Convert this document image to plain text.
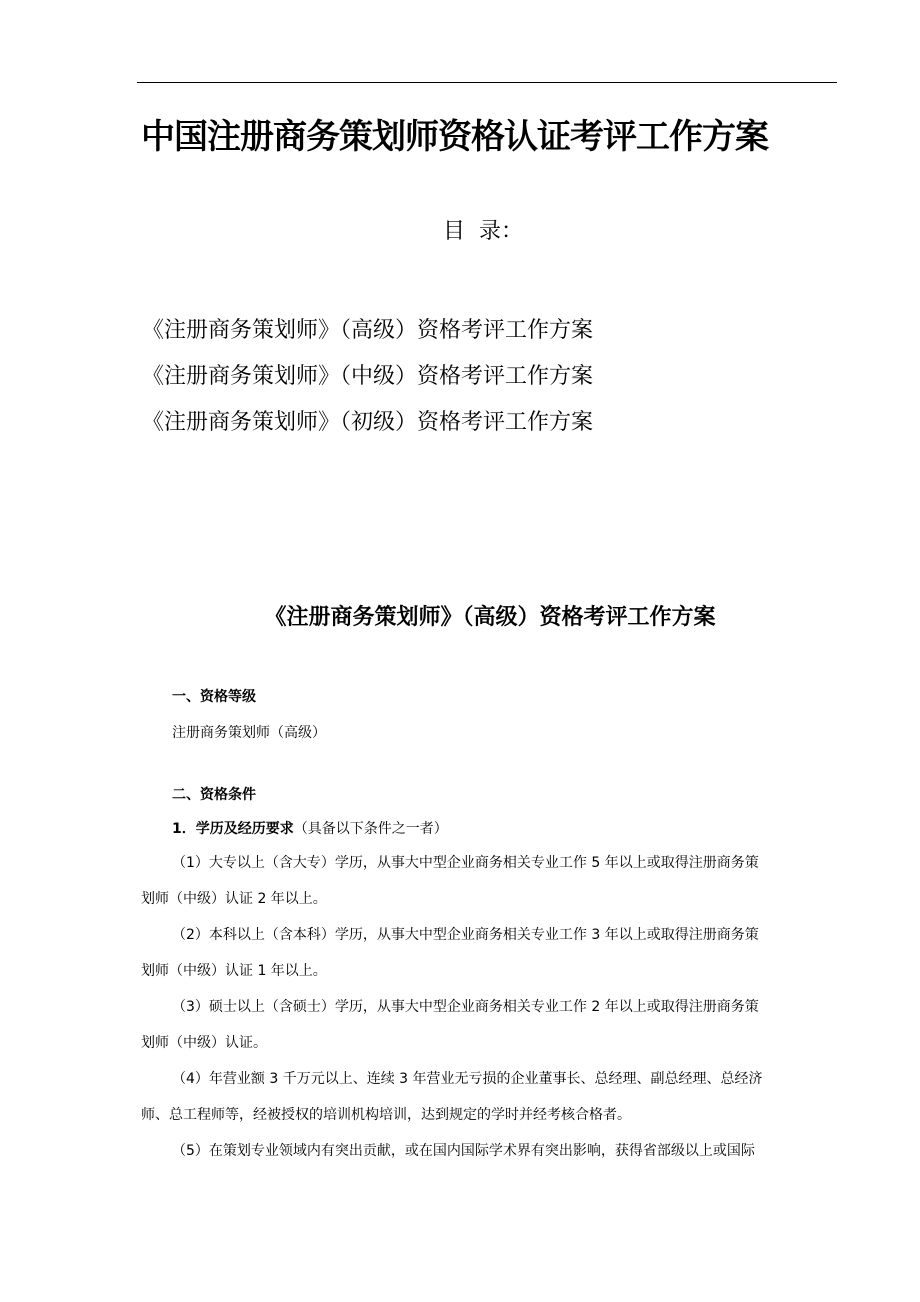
中国注册商务策划师资格认证考评工作方案
目  录：
《注册商务策划师》（高级）资格考评工作方案
《注册商务策划师》（中级）资格考评工作方案
《注册商务策划师》（初级）资格考评工作方案
《注册商务策划师》（高级）资格考评工作方案
一、资格等级
注册商务策划师（高级）
二、资格条件
1．学历及经历要求（具备以下条件之一者）
（1）大专以上（含大专）学历，从事大中型企业商务相关专业工作 5 年以上或取得注册商务策
划师（中级）认证 2 年以上。
（2）本科以上（含本科）学历，从事大中型企业商务相关专业工作 3 年以上或取得注册商务策
划师（中级）认证 1 年以上。
（3）硕士以上（含硕士）学历，从事大中型企业商务相关专业工作 2 年以上或取得注册商务策
划师（中级）认证。
（4）年营业额 3 千万元以上、连续 3 年营业无亏损的企业董事长、总经理、副总经理、总经济
师、总工程师等，经被授权的培训机构培训，达到规定的学时并经考核合格者。
（5）在策划专业领域内有突出贡献，或在国内国际学术界有突出影响，获得省部级以上或国际
